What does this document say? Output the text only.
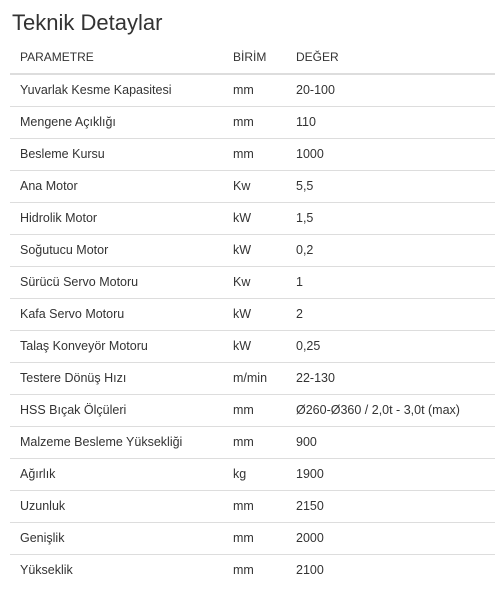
Teknik Detaylar
PARAMETRE	BİRİM	DEĞER
Yuvarlak Kesme Kapasitesi	mm	20-100
Mengene Açıklığı	mm	110
Besleme Kursu	mm	1000
Ana Motor	Kw	5,5
Hidrolik Motor	kW	1,5
Soğutucu Motor	kW	0,2
Sürücü Servo Motoru	Kw	1
Kafa Servo Motoru	kW	2
Talaş Konveyör Motoru	kW	0,25
Testere Dönüş Hızı	m/min	22-130
HSS Bıçak Ölçüleri	mm	Ø260-Ø360 / 2,0t - 3,0t (max)
Malzeme Besleme Yüksekliği	mm	900
Ağırlık	kg	1900
Uzunluk	mm	2150
Genişlik	mm	2000
Yükseklik	mm	2100
